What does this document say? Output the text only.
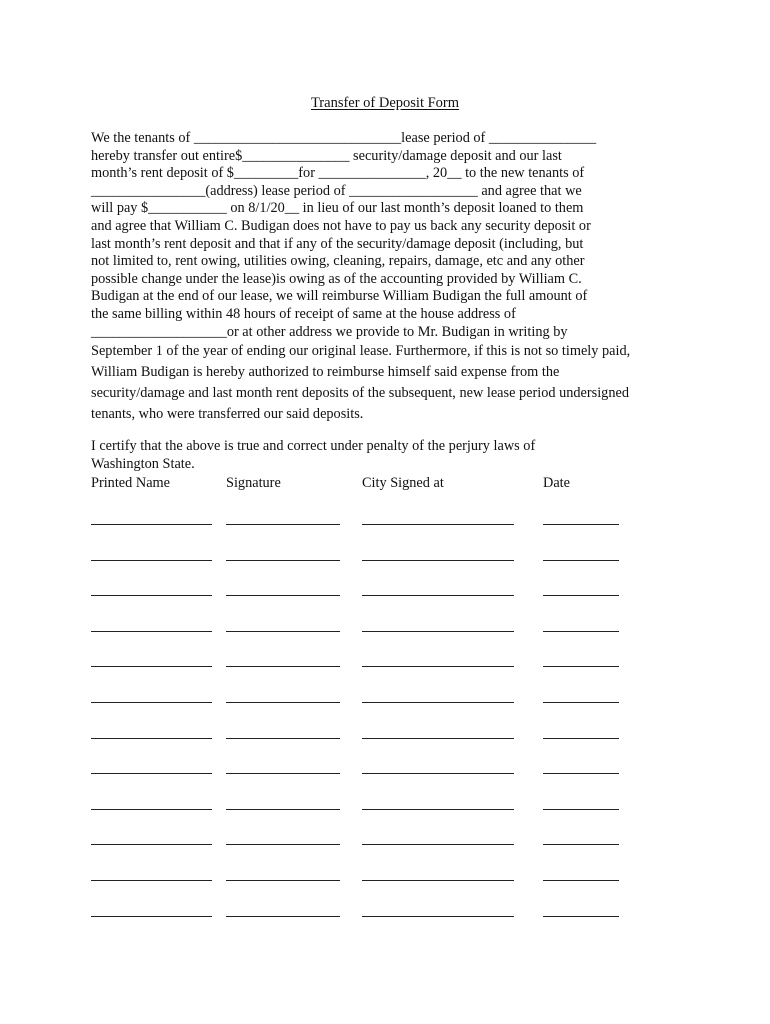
Transfer of Deposit Form
We the tenants of _____________________________lease period of _______________
hereby transfer out entire$_______________ security/damage deposit and our last
month’s rent deposit of $_________for _______________, 20__ to the new tenants of
________________(address) lease period of __________________ and agree that we
will pay $___________ on 8/1/20__ in lieu of our last month’s deposit loaned to them
and agree that William C. Budigan does not have to pay us back any security deposit or
last month’s rent deposit and that if any of the security/damage deposit (including, but
not limited to, rent owing, utilities owing, cleaning, repairs, damage, etc and any other
possible change under the lease)is owing as of the accounting provided by William C.
Budigan at the end of our lease, we will reimburse William Budigan the full amount of
the same billing within 48 hours of receipt of same at the house address of
___________________or at other address we provide to Mr. Budigan in writing by
September 1 of the year of ending our original lease. Furthermore, if this is not so timely paid,
William Budigan is hereby authorized to reimburse himself said expense from the
security/damage and last month rent deposits of the subsequent, new lease period undersigned
tenants, who were transferred our said deposits.
I certify that the above is true and correct under penalty of the perjury laws of
Washington State.
Printed Name	Signature	City Signed at	Date
